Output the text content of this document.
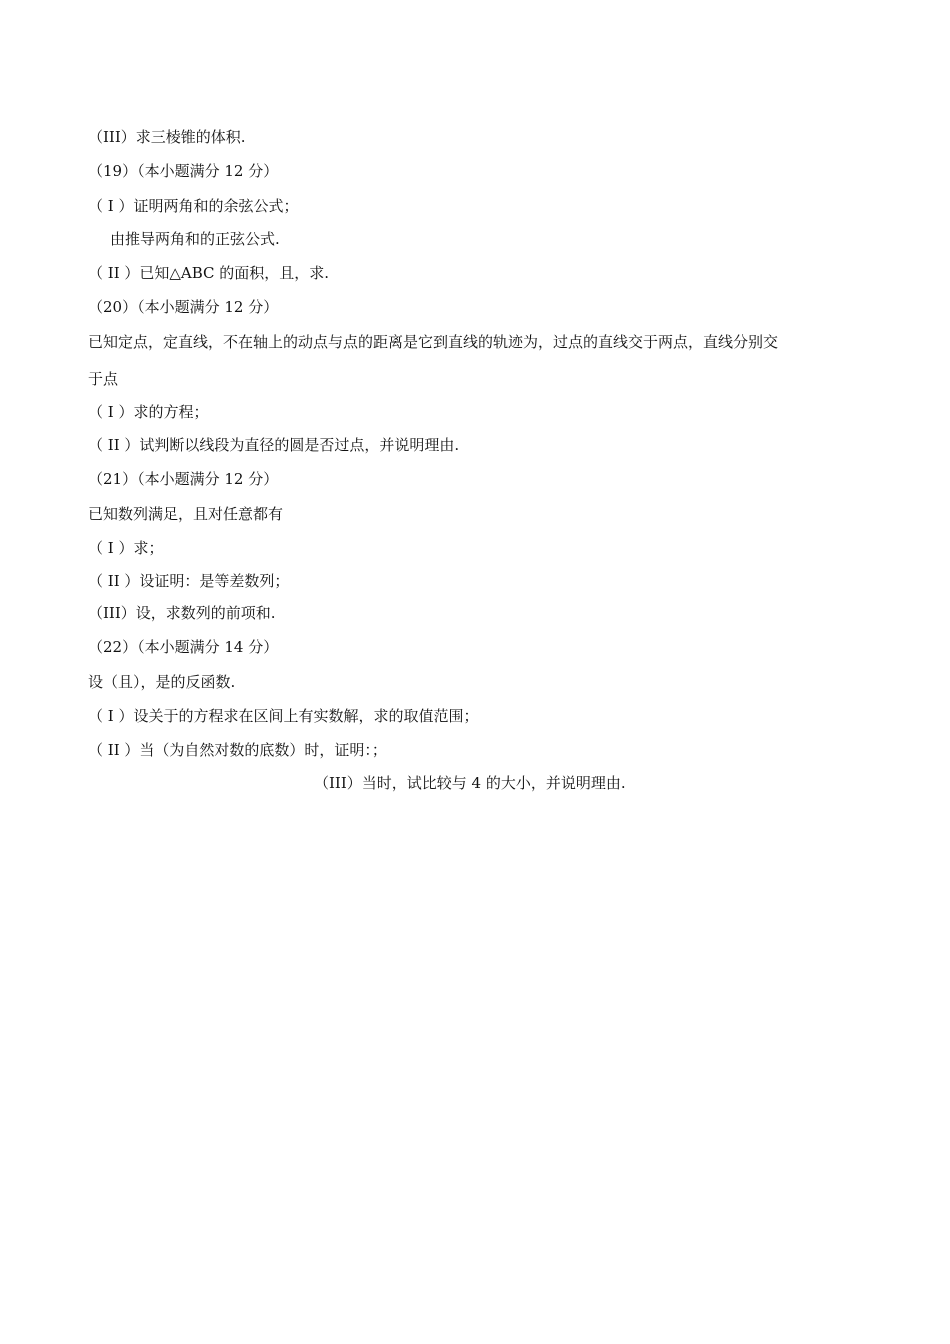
（III）求三棱锥的体积.
（19）（本小题满分 12 分）
（ I ）证明两角和的余弦公式；
由推导两角和的正弦公式.
（ II ）已知△ABC 的面积，且，求.
（20）（本小题满分 12 分）
已知定点，定直线，不在轴上的动点与点的距离是它到直线的轨迹为，过点的直线交于两点，直线分别交
于点
（ I ）求的方程；
（ II ）试判断以线段为直径的圆是否过点，并说明理由.
（21）（本小题满分 12 分）
已知数列满足，且对任意都有
（ I ）求；
（ II ）设证明：是等差数列；
（III）设，求数列的前项和.
（22）（本小题满分 14 分）
设（且），是的反函数.
（ I ）设关于的方程求在区间上有实数解，求的取值范围；
（ II ）当（为自然对数的底数）时，证明：；
（III）当时，试比较与 4 的大小，并说明理由.
